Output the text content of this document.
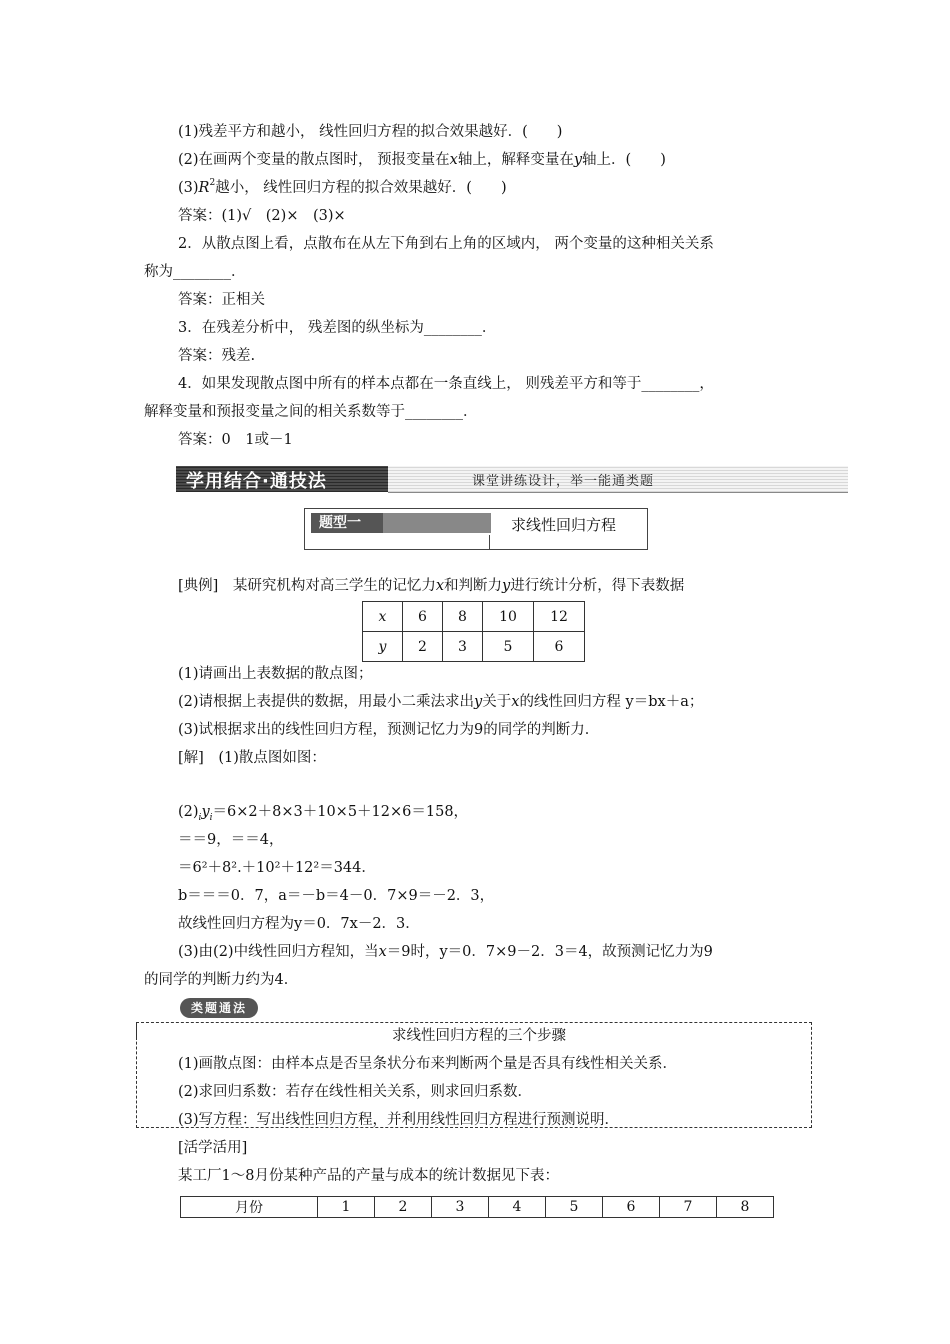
(1)残差平方和越小， 线性回归方程的拟合效果越好．(　　)
(2)在画两个变量的散点图时， 预报变量在x轴上，解释变量在y轴上．(　　)
$(3)R^2$越小， 线性回归方程的拟合效果越好．(　　)
答案：(1)√　(2)×　(3)×
2．从散点图上看，点散布在从左下角到右上角的区域内， 两个变量的这种相关关系
称为________．
答案：正相关
3．在残差分析中， 残差图的纵坐标为________．
答案：残差.
4．如果发现散点图中所有的样本点都在一条直线上， 则残差平方和等于________，
解释变量和预报变量之间的相关系数等于________．
答案：0　1或－1
学用结合·通技法	课堂讲练设计，举一能通类题
题型一	求线性回归方程
[典例]　某研究机构对高三学生的记忆力x和判断力y进行统计分析，得下表数据
x	6	8	10	12
y	2	3	5	6
(1)请画出上表数据的散点图；
(2)请根据上表提供的数据，用最小二乘法求出y关于x的线性回归方程 y＝bx＋a；
(3)试根据求出的线性回归方程，预测记忆力为9的同学的判断力．
[解]　(1)散点图如图：
$(2)_iy_i=6\times 2+8\times 3+10\times 5+12\times 6=158$，
＝＝9，＝＝4，
＝6²＋8².＋10²＋12²＝344．
b＝＝＝0．7，a＝－b＝4－0．7×9＝－2．3，
故线性回归方程为y＝0．7x－2．3．
(3)由(2)中线性回归方程知，当x＝9时，y＝0．7×9－2．3＝4，故预测记忆力为9
的同学的判断力约为4．
类题通法
求线性回归方程的三个步骤
(1)画散点图：由样本点是否呈条状分布来判断两个量是否具有线性相关关系．
(2)求回归系数：若存在线性相关关系，则求回归系数．
(3)写方程：写出线性回归方程，并利用线性回归方程进行预测说明．
[活学活用]
某工厂1～8月份某种产品的产量与成本的统计数据见下表：
月份	1	2	3	4	5	6	7	8
